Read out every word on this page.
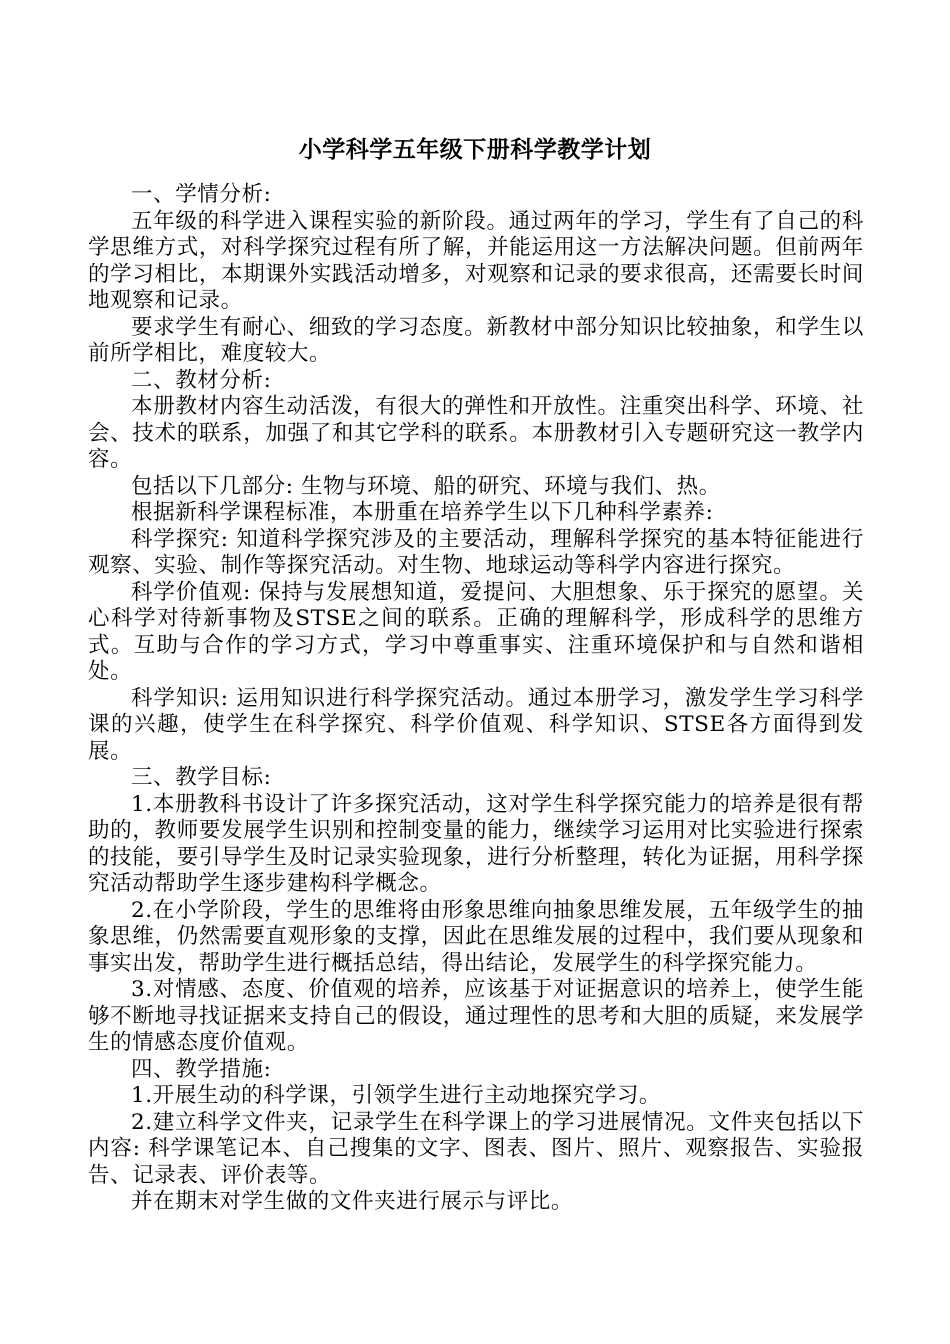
小学科学五年级下册科学教学计划

一、学情分析:

五年级的科学进入课程实验的新阶段。通过两年的学习，学生有了自己的科学思维方式，对科学探究过程有所了解，并能运用这一方法解决问题。但前两年的学习相比，本期课外实践活动增多，对观察和记录的要求很高，还需要长时间地观察和记录。

要求学生有耐心、细致的学习态度。新教材中部分知识比较抽象，和学生以前所学相比，难度较大。

二、教材分析:

本册教材内容生动活泼，有很大的弹性和开放性。注重突出科学、环境、社会、技术的联系，加强了和其它学科的联系。本册教材引入专题研究这一教学内容。

包括以下几部分: 生物与环境、船的研究、环境与我们、热。

根据新科学课程标准，本册重在培养学生以下几种科学素养:

科学探究: 知道科学探究涉及的主要活动，理解科学探究的基本特征能进行观察、实验、制作等探究活动。对生物、地球运动等科学内容进行探究。

科学价值观: 保持与发展想知道，爱提问、大胆想象、乐于探究的愿望。关心科学对待新事物及STSE之间的联系。正确的理解科学，形成科学的思维方式。互助与合作的学习方式，学习中尊重事实、注重环境保护和与自然和谐相处。

科学知识: 运用知识进行科学探究活动。通过本册学习，激发学生学习科学课的兴趣，使学生在科学探究、科学价值观、科学知识、STSE各方面得到发展。

三、教学目标:

1.本册教科书设计了许多探究活动，这对学生科学探究能力的培养是很有帮助的，教师要发展学生识别和控制变量的能力，继续学习运用对比实验进行探索的技能，要引导学生及时记录实验现象，进行分析整理，转化为证据，用科学探究活动帮助学生逐步建构科学概念。

2.在小学阶段，学生的思维将由形象思维向抽象思维发展，五年级学生的抽象思维，仍然需要直观形象的支撑，因此在思维发展的过程中，我们要从现象和事实出发，帮助学生进行概括总结，得出结论，发展学生的科学探究能力。

3.对情感、态度、价值观的培养，应该基于对证据意识的培养上，使学生能够不断地寻找证据来支持自己的假设，通过理性的思考和大胆的质疑，来发展学生的情感态度价值观。

四、教学措施:

1.开展生动的科学课，引领学生进行主动地探究学习。

2.建立科学文件夹，记录学生在科学课上的学习进展情况。文件夹包括以下内容: 科学课笔记本、自己搜集的文字、图表、图片、照片、观察报告、实验报告、记录表、评价表等。

并在期末对学生做的文件夹进行展示与评比。
